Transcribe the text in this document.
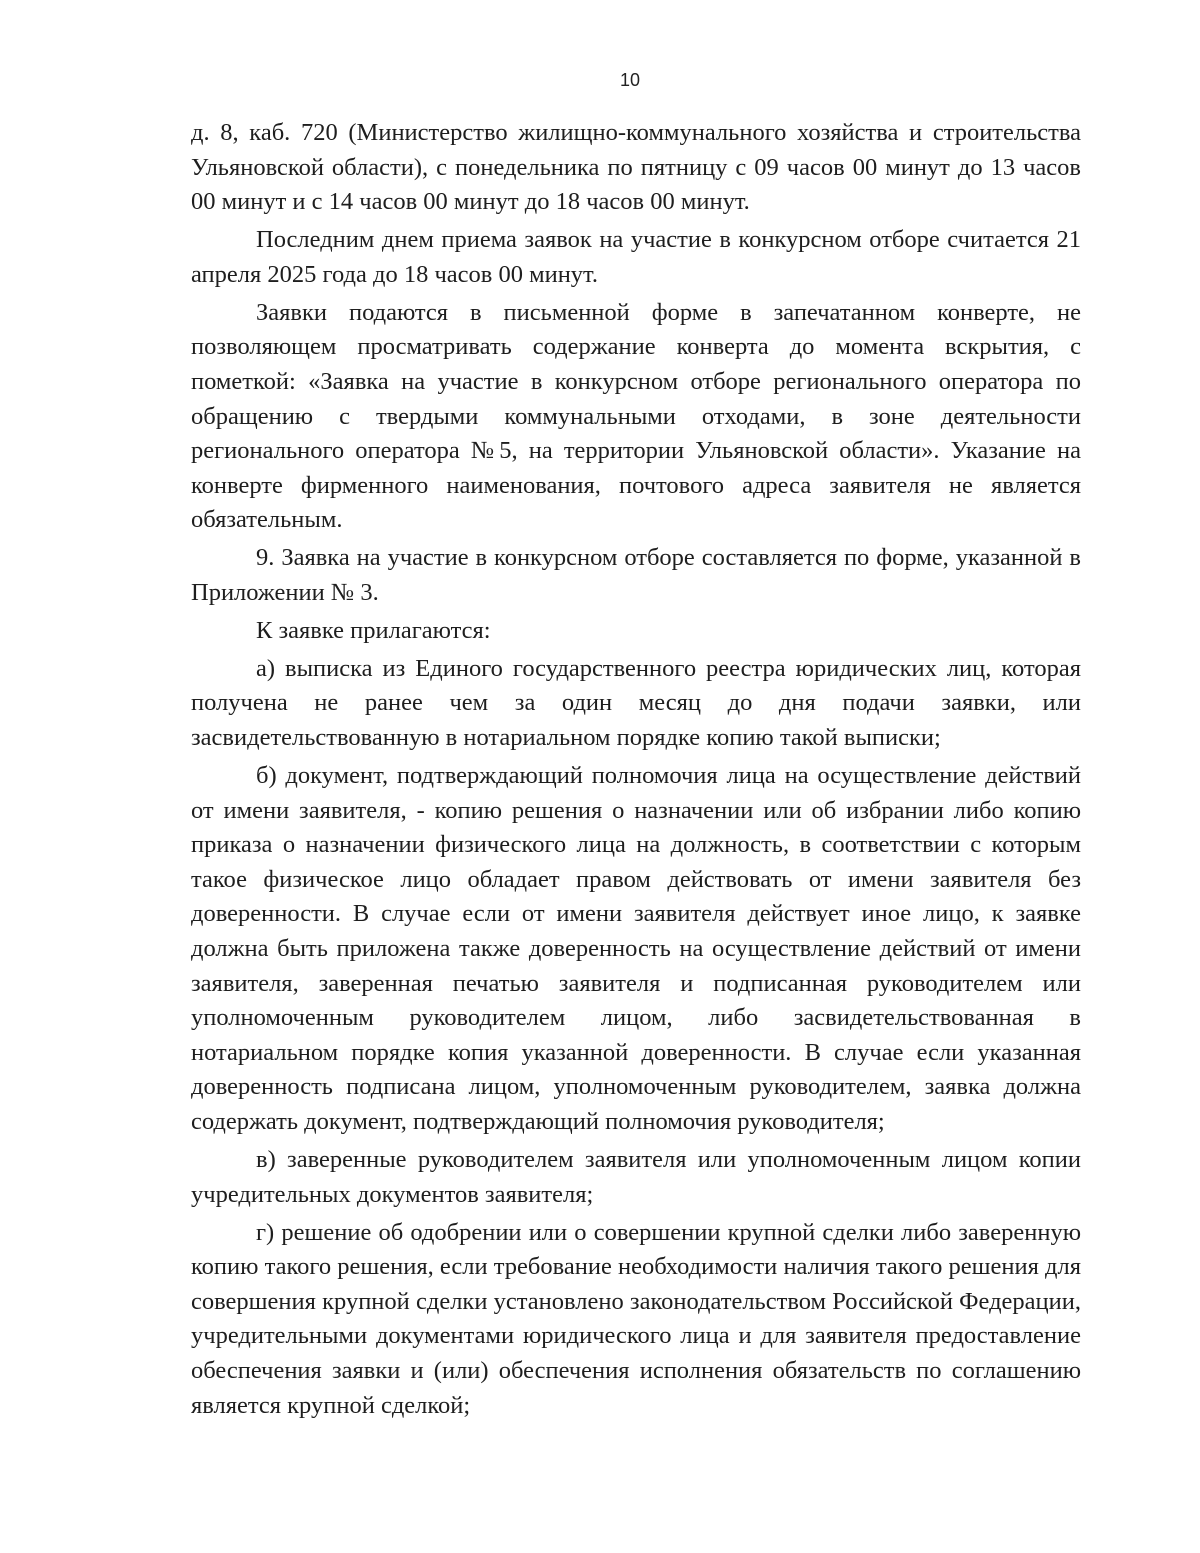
10

д. 8, каб. 720 (Министерство жилищно-коммунального хозяйства и строительства Ульяновской области), с понедельника по пятницу с 09 часов 00 минут до 13 часов 00 минут и с 14 часов 00 минут до 18 часов 00 минут.

Последним днем приема заявок на участие в конкурсном отборе считается 21 апреля 2025 года до 18 часов 00 минут.

Заявки подаются в письменной форме в запечатанном конверте, не позволяющем просматривать содержание конверта до момента вскрытия, с пометкой: «Заявка на участие в конкурсном отборе регионального оператора по обращению с твердыми коммунальными отходами, в зоне деятельности регионального оператора №5, на территории Ульяновской области». Указание на конверте фирменного наименования, почтового адреса заявителя не является обязательным.

9. Заявка на участие в конкурсном отборе составляется по форме, указанной в Приложении № 3.

К заявке прилагаются:

а) выписка из Единого государственного реестра юридических лиц, которая получена не ранее чем за один месяц до дня подачи заявки, или засвидетельствованную в нотариальном порядке копию такой выписки;

б) документ, подтверждающий полномочия лица на осуществление действий от имени заявителя, - копию решения о назначении или об избрании либо копию приказа о назначении физического лица на должность, в соответствии с которым такое физическое лицо обладает правом действовать от имени заявителя без доверенности. В случае если от имени заявителя действует иное лицо, к заявке должна быть приложена также доверенность на осуществление действий от имени заявителя, заверенная печатью заявителя и подписанная руководителем или уполномоченным руководителем лицом, либо засвидетельствованная в нотариальном порядке копия указанной доверенности. В случае если указанная доверенность подписана лицом, уполномоченным руководителем, заявка должна содержать документ, подтверждающий полномочия руководителя;

в) заверенные руководителем заявителя или уполномоченным лицом копии учредительных документов заявителя;

г) решение об одобрении или о совершении крупной сделки либо заверенную копию такого решения, если требование необходимости наличия такого решения для совершения крупной сделки установлено законодательством Российской Федерации, учредительными документами юридического лица и для заявителя предоставление обеспечения заявки и (или) обеспечения исполнения обязательств по соглашению является крупной сделкой;
